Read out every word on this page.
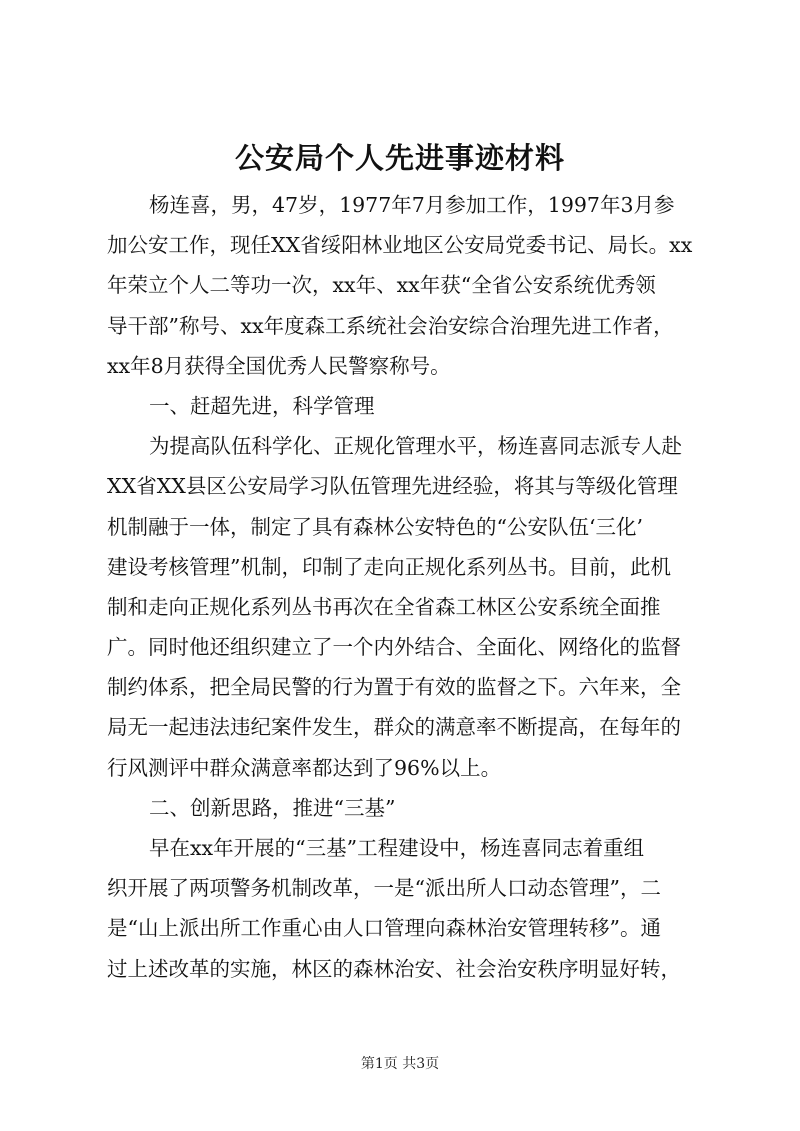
公安局个人先进事迹材料
杨连喜，男，47岁，1977年7月参加工作，1997年3月参
加公安工作，现任XX省绥阳林业地区公安局党委书记、局长。xx
年荣立个人二等功一次，xx年、xx年获“全省公安系统优秀领
导干部”称号、xx年度森工系统社会治安综合治理先进工作者，
xx年8月获得全国优秀人民警察称号。
一、赶超先进，科学管理
为提高队伍科学化、正规化管理水平，杨连喜同志派专人赴
XX省XX县区公安局学习队伍管理先进经验，将其与等级化管理
机制融于一体，制定了具有森林公安特色的“公安队伍‘三化’
建设考核管理”机制，印制了走向正规化系列丛书。目前，此机
制和走向正规化系列丛书再次在全省森工林区公安系统全面推
广。同时他还组织建立了一个内外结合、全面化、网络化的监督
制约体系，把全局民警的行为置于有效的监督之下。六年来，全
局无一起违法违纪案件发生，群众的满意率不断提高，在每年的
行风测评中群众满意率都达到了96%以上。
二、创新思路，推进“三基”
早在xx年开展的“三基”工程建设中，杨连喜同志着重组
织开展了两项警务机制改革，一是“派出所人口动态管理”，二
是“山上派出所工作重心由人口管理向森林治安管理转移”。通
过上述改革的实施，林区的森林治安、社会治安秩序明显好转，
第1页 共3页
